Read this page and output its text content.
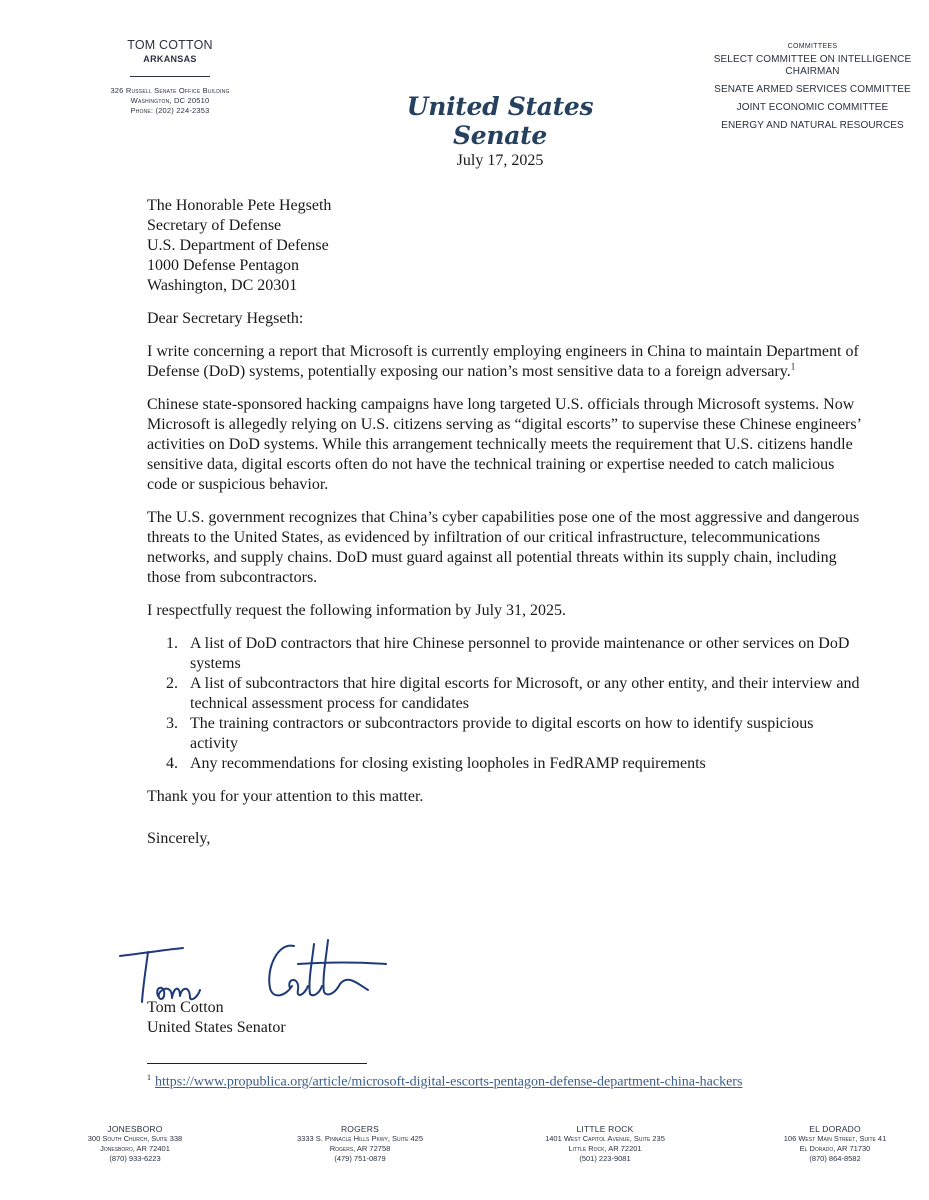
TOM COTTON
ARKANSAS
326 Russell Senate Office Building
Washington, DC 20510
Phone: (202) 224-2353	United States Senate
July 17, 2025
COMMITTEES
SELECT COMMITTEE ON INTELLIGENCE
CHAIRMAN
SENATE ARMED SERVICES COMMITTEE
JOINT ECONOMIC COMMITTEE
ENERGY AND NATURAL RESOURCES
The Honorable Pete Hegseth
Secretary of Defense
U.S. Department of Defense
1000 Defense Pentagon
Washington, DC 20301

Dear Secretary Hegseth:

I write concerning a report that Microsoft is currently employing engineers in China to maintain Department of Defense (DoD) systems, potentially exposing our nation’s most sensitive data to a foreign adversary.$^1$

Chinese state-sponsored hacking campaigns have long targeted U.S. officials through Microsoft systems. Now Microsoft is allegedly relying on U.S. citizens serving as “digital escorts” to supervise these Chinese engineers’ activities on DoD systems. While this arrangement technically meets the requirement that U.S. citizens handle sensitive data, digital escorts often do not have the technical training or expertise needed to catch malicious code or suspicious behavior.

The U.S. government recognizes that China’s cyber capabilities pose one of the most aggressive and dangerous threats to the United States, as evidenced by infiltration of our critical infrastructure, telecommunications networks, and supply chains. DoD must guard against all potential threats within its supply chain, including those from subcontractors.

I respectfully request the following information by July 31, 2025.

1. A list of DoD contractors that hire Chinese personnel to provide maintenance or other services on DoD systems
2. A list of subcontractors that hire digital escorts for Microsoft, or any other entity, and their interview and technical assessment process for candidates
3. The training contractors or subcontractors provide to digital escorts on how to identify suspicious activity
4. Any recommendations for closing existing loopholes in FedRAMP requirements

Thank you for your attention to this matter.

Sincerely,

Tom Cotton
United States Senator
$^1$ https://www.propublica.org/article/microsoft-digital-escorts-pentagon-defense-department-china-hackers
JONESBORO
300 South Church, Suite 338
Jonesboro, AR 72401
(870) 933-6223
ROGERS
3333 S. Pinnacle Hills Pkwy, Suite 425
Rogers, AR 72758
(479) 751-0879
LITTLE ROCK
1401 West Capitol Avenue, Suite 235
Little Rock, AR 72201
(501) 223-9081
EL DORADO
106 West Main Street, Suite 41
El Dorado, AR 71730
(870) 864-8582
